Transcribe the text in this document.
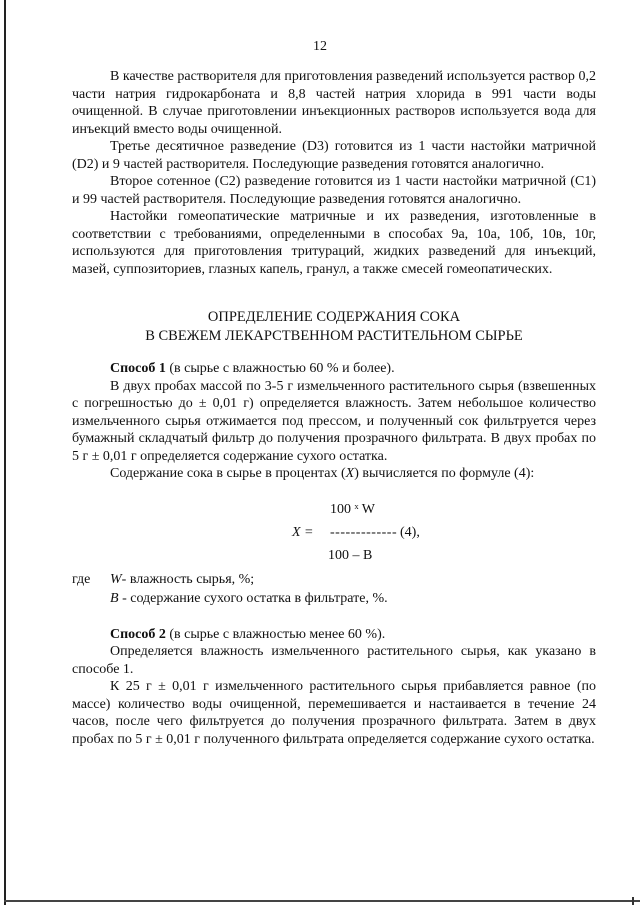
12

В качестве растворителя для приготовления разведений используется раствор 0,2 части натрия гидрокарбоната и 8,8 частей натрия хлорида в 991 части воды очищенной. В случае приготовлении инъекционных растворов используется вода для инъекций вместо воды очищенной.

Третье десятичное разведение (D3) готовится из 1 части настойки матричной (D2) и 9 частей растворителя. Последующие разведения готовятся аналогично.

Второе сотенное (С2) разведение готовится из 1 части настойки матричной (С1) и 99 частей растворителя. Последующие разведения готовятся аналогично.

Настойки гомеопатические матричные и их разведения, изготовленные в соответствии с требованиями, определенными в способах 9а, 10а, 10б, 10в, 10г, используются для приготовления тритураций, жидких разведений для инъекций, мазей, суппозиториев, глазных капель, гранул, а также смесей гомеопатических.

ОПРЕДЕЛЕНИЕ СОДЕРЖАНИЯ СОКА
В СВЕЖЕМ ЛЕКАРСТВЕННОМ РАСТИТЕЛЬНОМ СЫРЬЕ

Способ 1 (в сырье с влажностью 60 % и более).

В двух пробах массой по 3-5 г измельченного растительного сырья (взвешенных с погрешностью до ± 0,01 г) определяется влажность. Затем небольшое количество измельченного сырья отжимается под прессом, и полученный сок фильтруется через бумажный складчатый фильтр до получения прозрачного фильтрата. В двух пробах по 5 г ± 0,01 г определяется содержание сухого остатка.

Содержание сока в сырье в процентах (X) вычисляется по формуле (4):

100 ˣ W
X = ------------- (4),
100 – B
где W- влажность сырья, %;
B - содержание сухого остатка в фильтрате, %.

Способ 2 (в сырье с влажностью менее 60 %).

Определяется влажность измельченного растительного сырья, как указано в способе 1.

К 25 г ± 0,01 г измельченного растительного сырья прибавляется равное (по массе) количество воды очищенной, перемешивается и настаивается в течение 24 часов, после чего фильтруется до получения прозрачного фильтрата. Затем в двух пробах по 5 г ± 0,01 г полученного фильтрата определяется содержание сухого остатка.
